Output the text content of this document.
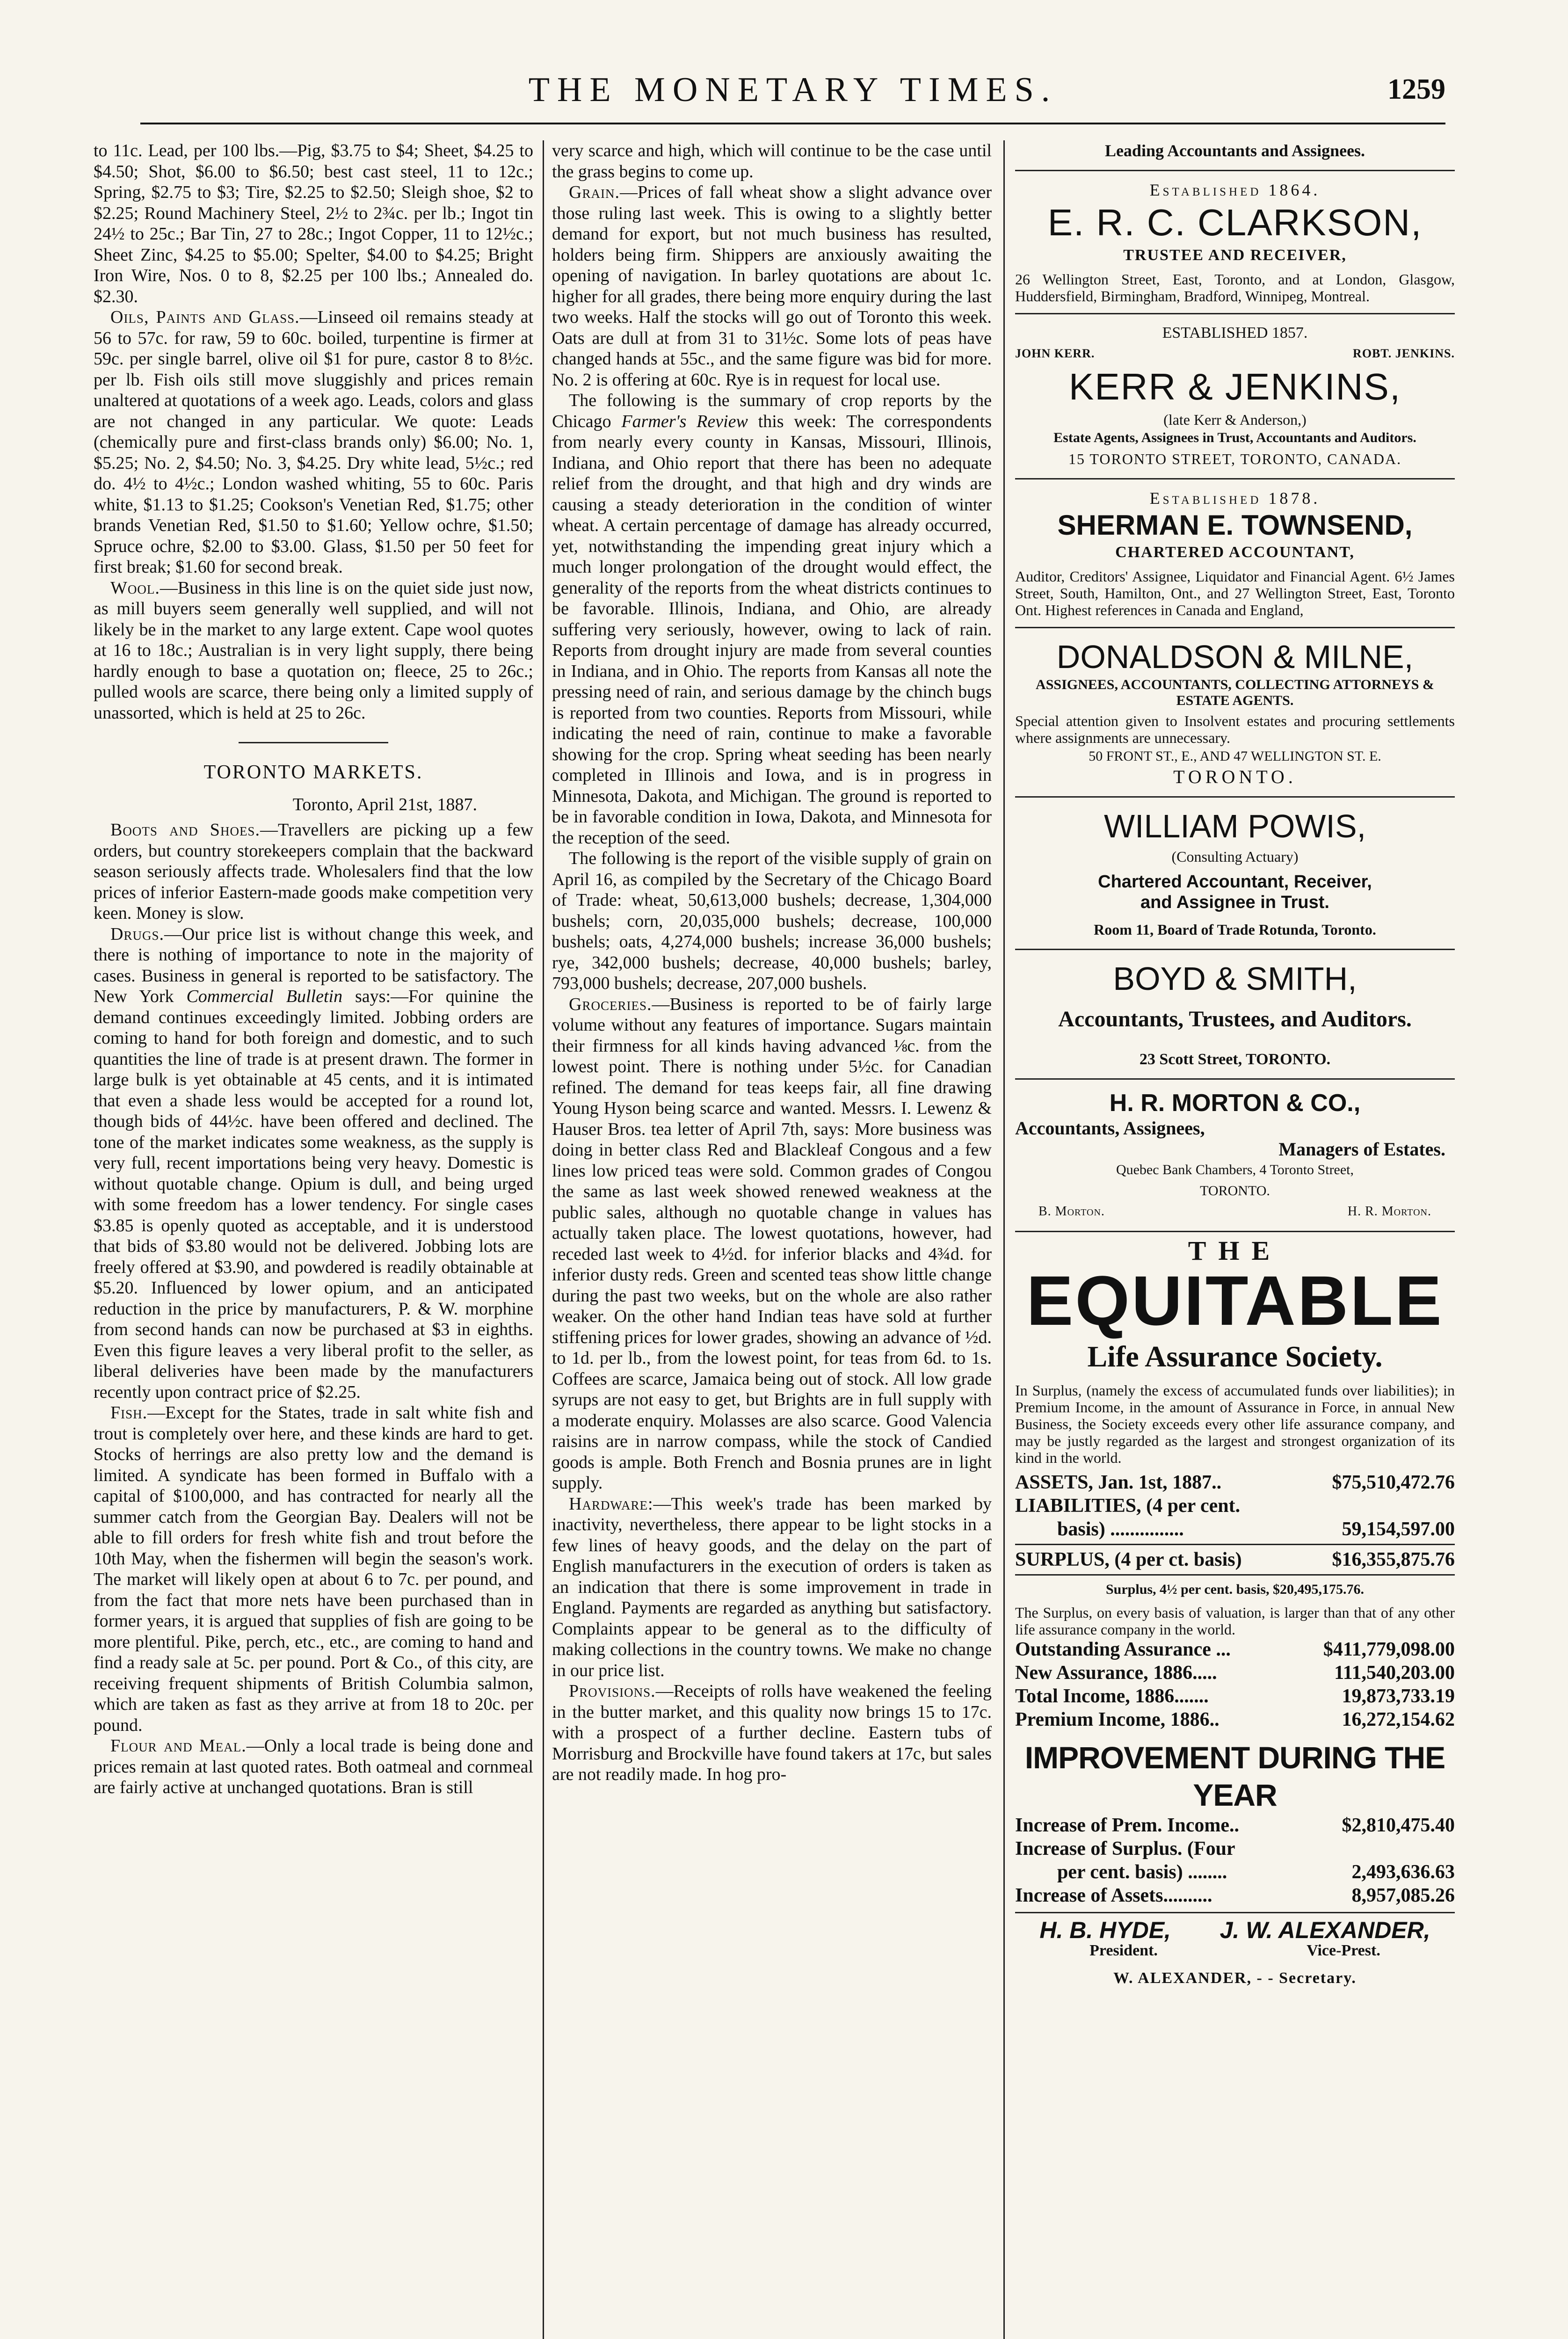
THE MONETARY TIMES.	1259

to 11c. Lead, per 100 lbs.—Pig, $3.75 to $4; Sheet, $4.25 to $4.50; Shot, $6.00 to $6.50; best cast steel, 11 to 12c.; Spring, $2.75 to $3; Tire, $2.25 to $2.50; Sleigh shoe, $2 to $2.25; Round Machinery Steel, 2½ to 2¾c. per lb.; Ingot tin 24½ to 25c.; Bar Tin, 27 to 28c.; Ingot Copper, 11 to 12½c.; Sheet Zinc, $4.25 to $5.00; Spelter, $4.00 to $4.25; Bright Iron Wire, Nos. 0 to 8, $2.25 per 100 lbs.; Annealed do. $2.30.

Oils, Paints and Glass.—Linseed oil remains steady at 56 to 57c. for raw, 59 to 60c. boiled, turpentine is firmer at 59c. per single barrel, olive oil $1 for pure, castor 8 to 8½c. per lb. Fish oils still move sluggishly and prices remain unaltered at quotations of a week ago. Leads, colors and glass are not changed in any particular. We quote: Leads (chemically pure and first-class brands only) $6.00; No. 1, $5.25; No. 2, $4.50; No. 3, $4.25. Dry white lead, 5½c.; red do. 4½ to 4½c.; London washed whiting, 55 to 60c. Paris white, $1.13 to $1.25; Cookson's Venetian Red, $1.75; other brands Venetian Red, $1.50 to $1.60; Yellow ochre, $1.50; Spruce ochre, $2.00 to $3.00. Glass, $1.50 per 50 feet for first break; $1.60 for second break.

Wool.—Business in this line is on the quiet side just now, as mill buyers seem generally well supplied, and will not likely be in the market to any large extent. Cape wool quotes at 16 to 18c.; Australian is in very light supply, there being hardly enough to base a quotation on; fleece, 25 to 26c.; pulled wools are scarce, there being only a limited supply of unassorted, which is held at 25 to 26c.

TORONTO MARKETS.
Toronto, April 21st, 1887.

Boots and Shoes.—Travellers are picking up a few orders, but country storekeepers complain that the backward season seriously affects trade. Wholesalers find that the low prices of inferior Eastern-made goods make competition very keen. Money is slow.

Drugs.—Our price list is without change this week, and there is nothing of importance to note in the majority of cases. Business in general is reported to be satisfactory. The New York Commercial Bulletin says:—For quinine the demand continues exceedingly limited. Jobbing orders are coming to hand for both foreign and domestic, and to such quantities the line of trade is at present drawn. The former in large bulk is yet obtainable at 45 cents, and it is intimated that even a shade less would be accepted for a round lot, though bids of 44½c. have been offered and declined. The tone of the market indicates some weakness, as the supply is very full, recent importations being very heavy. Domestic is without quotable change. Opium is dull, and being urged with some freedom has a lower tendency. For single cases $3.85 is openly quoted as acceptable, and it is understood that bids of $3.80 would not be delivered. Jobbing lots are freely offered at $3.90, and powdered is readily obtainable at $5.20. Influenced by lower opium, and an anticipated reduction in the price by manufacturers, P. & W. morphine from second hands can now be purchased at $3 in eighths. Even this figure leaves a very liberal profit to the seller, as liberal deliveries have been made by the manufacturers recently upon contract price of $2.25.

Fish.—Except for the States, trade in salt white fish and trout is completely over here, and these kinds are hard to get. Stocks of herrings are also pretty low and the demand is limited. A syndicate has been formed in Buffalo with a capital of $100,000, and has contracted for nearly all the summer catch from the Georgian Bay. Dealers will not be able to fill orders for fresh white fish and trout before the 10th May, when the fishermen will begin the season's work. The market will likely open at about 6 to 7c. per pound, and from the fact that more nets have been purchased than in former years, it is argued that supplies of fish are going to be more plentiful. Pike, perch, etc., etc., are coming to hand and find a ready sale at 5c. per pound. Port & Co., of this city, are receiving frequent shipments of British Columbia salmon, which are taken as fast as they arrive at from 18 to 20c. per pound.

Flour and Meal.—Only a local trade is being done and prices remain at last quoted rates. Both oatmeal and cornmeal are fairly active at unchanged quotations. Bran is still

very scarce and high, which will continue to be the case until the grass begins to come up.

Grain.—Prices of fall wheat show a slight advance over those ruling last week. This is owing to a slightly better demand for export, but not much business has resulted, holders being firm. Shippers are anxiously awaiting the opening of navigation. In barley quotations are about 1c. higher for all grades, there being more enquiry during the last two weeks. Half the stocks will go out of Toronto this week. Oats are dull at from 31 to 31½c. Some lots of peas have changed hands at 55c., and the same figure was bid for more. No. 2 is offering at 60c. Rye is in request for local use.

The following is the summary of crop reports by the Chicago Farmer's Review this week: The correspondents from nearly every county in Kansas, Missouri, Illinois, Indiana, and Ohio report that there has been no adequate relief from the drought, and that high and dry winds are causing a steady deterioration in the condition of winter wheat. A certain percentage of damage has already occurred, yet, notwithstanding the impending great injury which a much longer prolongation of the drought would effect, the generality of the reports from the wheat districts continues to be favorable. Illinois, Indiana, and Ohio, are already suffering very seriously, however, owing to lack of rain. Reports from drought injury are made from several counties in Indiana, and in Ohio. The reports from Kansas all note the pressing need of rain, and serious damage by the chinch bugs is reported from two counties. Reports from Missouri, while indicating the need of rain, continue to make a favorable showing for the crop. Spring wheat seeding has been nearly completed in Illinois and Iowa, and is in progress in Minnesota, Dakota, and Michigan. The ground is reported to be in favorable condition in Iowa, Dakota, and Minnesota for the reception of the seed.

The following is the report of the visible supply of grain on April 16, as compiled by the Secretary of the Chicago Board of Trade: wheat, 50,613,000 bushels; decrease, 1,304,000 bushels; corn, 20,035,000 bushels; decrease, 100,000 bushels; oats, 4,274,000 bushels; increase 36,000 bushels; rye, 342,000 bushels; decrease, 40,000 bushels; barley, 793,000 bushels; decrease, 207,000 bushels.

Groceries.—Business is reported to be of fairly large volume without any features of importance. Sugars maintain their firmness for all kinds having advanced ⅛c. from the lowest point. There is nothing under 5½c. for Canadian refined. The demand for teas keeps fair, all fine drawing Young Hyson being scarce and wanted. Messrs. I. Lewenz & Hauser Bros. tea letter of April 7th, says: More business was doing in better class Red and Blackleaf Congous and a few lines low priced teas were sold. Common grades of Congou the same as last week showed renewed weakness at the public sales, although no quotable change in values has actually taken place. The lowest quotations, however, had receded last week to 4½d. for inferior blacks and 4¾d. for inferior dusty reds. Green and scented teas show little change during the past two weeks, but on the whole are also rather weaker. On the other hand Indian teas have sold at further stiffening prices for lower grades, showing an advance of ½d. to 1d. per lb., from the lowest point, for teas from 6d. to 1s. Coffees are scarce, Jamaica being out of stock. All low grade syrups are not easy to get, but Brights are in full supply with a moderate enquiry. Molasses are also scarce. Good Valencia raisins are in narrow compass, while the stock of Candied goods is ample. Both French and Bosnia prunes are in light supply.

Hardware:—This week's trade has been marked by inactivity, nevertheless, there appear to be light stocks in a few lines of heavy goods, and the delay on the part of English manufacturers in the execution of orders is taken as an indication that there is some improvement in trade in England. Payments are regarded as anything but satisfactory. Complaints appear to be general as to the difficulty of making collections in the country towns. We make no change in our price list.

Provisions.—Receipts of rolls have weakened the feeling in the butter market, and this quality now brings 15 to 17c. with a prospect of a further decline. Eastern tubs of Morrisburg and Brockville have found takers at 17c, but sales are not readily made. In hog pro-

Leading Accountants and Assignees.
Established 1864.
E. R. C. CLARKSON,
TRUSTEE AND RECEIVER,
26 Wellington Street, East, Toronto, and at London, Glasgow, Huddersfield, Birmingham, Bradford, Winnipeg, Montreal.
ESTABLISHED 1857.
JOHN KERR.	ROBT. JENKINS.
KERR & JENKINS,
(late Kerr & Anderson,)
Estate Agents, Assignees in Trust, Accountants and Auditors.
15 TORONTO STREET, TORONTO, CANADA.
Established 1878.
SHERMAN E. TOWNSEND,
CHARTERED ACCOUNTANT,
Auditor, Creditors' Assignee, Liquidator and Financial Agent. 6½ James Street, South, Hamilton, Ont., and 27 Wellington Street, East, Toronto Ont. Highest references in Canada and England,
DONALDSON & MILNE,
ASSIGNEES, ACCOUNTANTS, COLLECTING ATTORNEYS & ESTATE AGENTS.
Special attention given to Insolvent estates and procuring settlements where assignments are unnecessary.
50 FRONT ST., E., AND 47 WELLINGTON ST. E.
TORONTO.
WILLIAM POWIS,
(Consulting Actuary)
Chartered Accountant, Receiver,
and Assignee in Trust.
Room 11, Board of Trade Rotunda, Toronto.
BOYD & SMITH,
Accountants, Trustees, and Auditors.
23 Scott Street, TORONTO.
H. R. MORTON & CO.,
Accountants, Assignees,
Managers of Estates.
Quebec Bank Chambers, 4 Toronto Street,
TORONTO.
B. Morton.	H. R. Morton.
THE
EQUITABLE
Life Assurance Society.
In Surplus, (namely the excess of accumulated funds over liabilities); in Premium Income, in the amount of Assurance in Force, in annual New Business, the Society exceeds every other life assurance company, and may be justly regarded as the largest and strongest organization of its kind in the world.
ASSETS, Jan. 1st, 1887..	$75,510,472.76
LIABILITIES, (4 per cent.
basis) ...............	59,154,597.00
SURPLUS, (4 per ct. basis)	$16,355,875.76
Surplus, 4½ per cent. basis, $20,495,175.76.
The Surplus, on every basis of valuation, is larger than that of any other life assurance company in the world.
Outstanding Assurance ...	$411,779,098.00
New Assurance, 1886.....	111,540,203.00
Total Income, 1886.......	19,873,733.19
Premium Income, 1886..	16,272,154.62
IMPROVEMENT DURING THE YEAR
Increase of Prem. Income..	$2,810,475.40
Increase of Surplus. (Four
per cent. basis) ........	2,493,636.63
Increase of Assets..........	8,957,085.26
H. B. HYDE, J. W. ALEXANDER,
President.	Vice-Prest.
W. ALEXANDER, - - Secretary.
